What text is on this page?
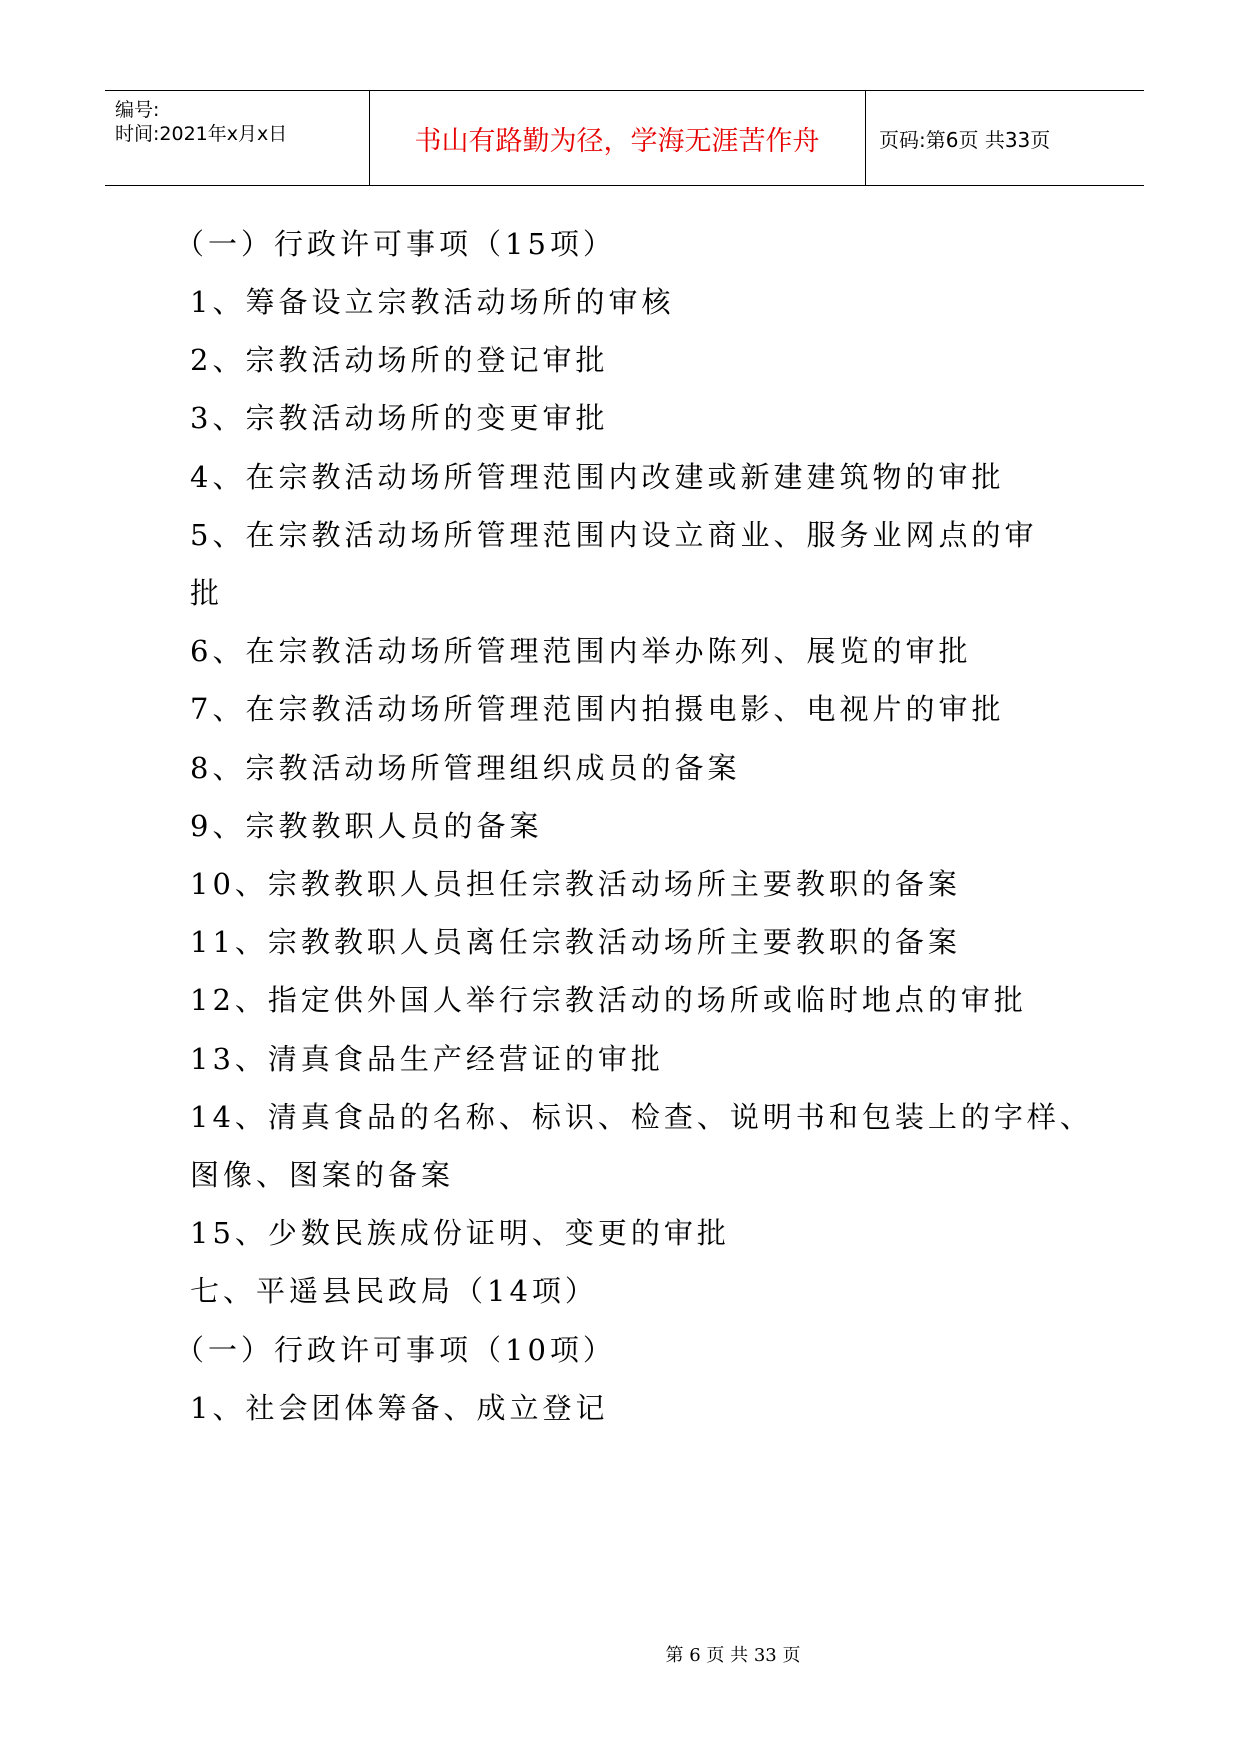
编号:
时间:2021年x月x日	书山有路勤为径，学海无涯苦作舟	页码:第6页 共33页
（一）行政许可事项（15项）
1、筹备设立宗教活动场所的审核
2、宗教活动场所的登记审批
3、宗教活动场所的变更审批
4、在宗教活动场所管理范围内改建或新建建筑物的审批
5、在宗教活动场所管理范围内设立商业、服务业网点的审
批
6、在宗教活动场所管理范围内举办陈列、展览的审批
7、在宗教活动场所管理范围内拍摄电影、电视片的审批
8、宗教活动场所管理组织成员的备案
9、宗教教职人员的备案
10、宗教教职人员担任宗教活动场所主要教职的备案
11、宗教教职人员离任宗教活动场所主要教职的备案
12、指定供外国人举行宗教活动的场所或临时地点的审批
13、清真食品生产经营证的审批
14、清真食品的名称、标识、检查、说明书和包装上的字样、
图像、图案的备案
15、少数民族成份证明、变更的审批
七、平遥县民政局（14项）
（一）行政许可事项（10项）
1、社会团体筹备、成立登记
第 6 页 共 33 页
